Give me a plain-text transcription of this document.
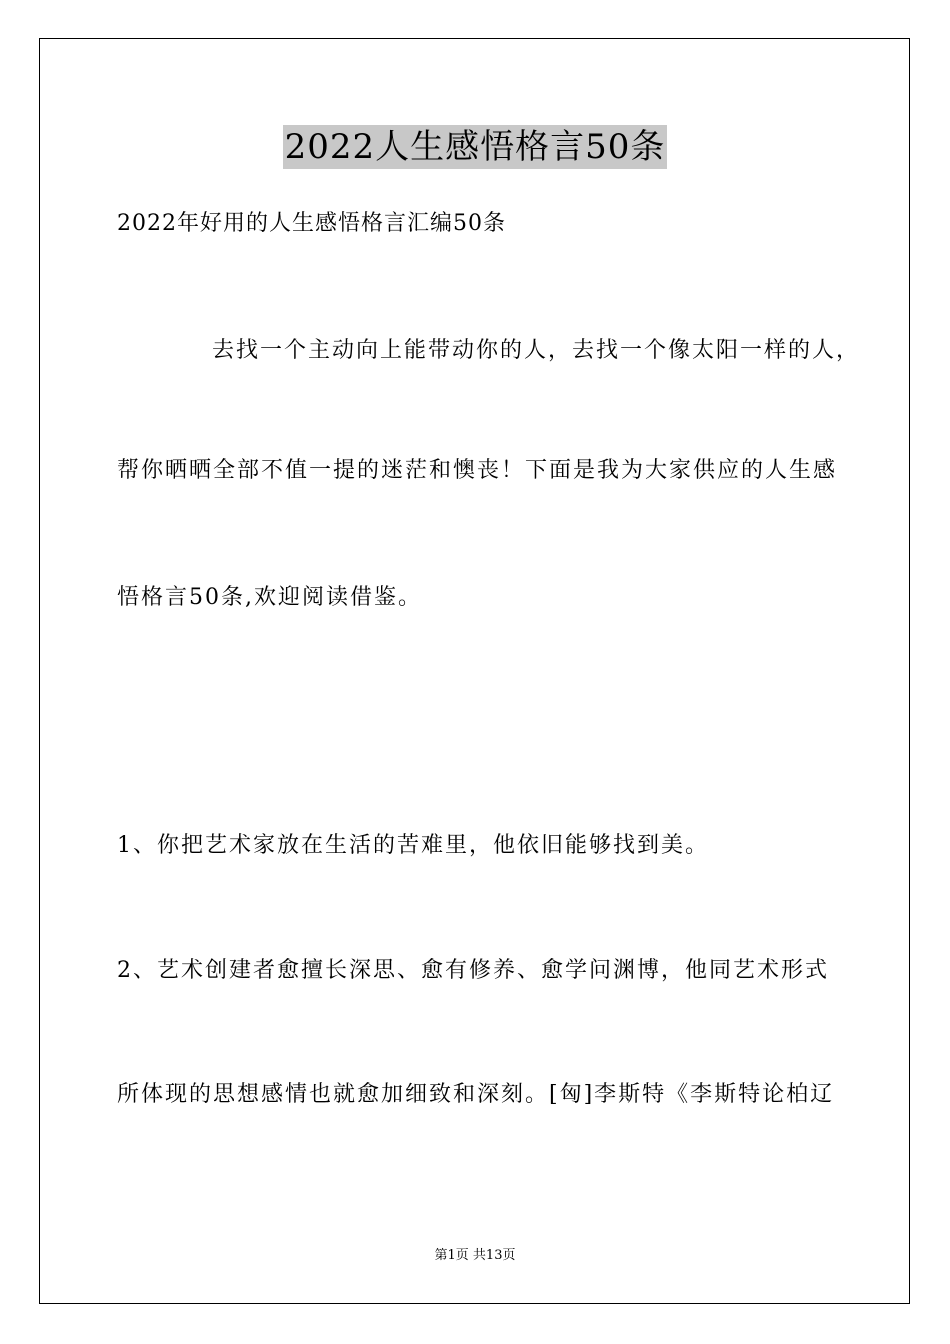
2022人生感悟格言50条
2022年好用的人生感悟格言汇编50条
去找一个主动向上能带动你的人，去找一个像太阳一样的人，
帮你晒晒全部不值一提的迷茫和懊丧！下面是我为大家供应的人生感
悟格言50条,欢迎阅读借鉴。
1、你把艺术家放在生活的苦难里，他依旧能够找到美。
2、艺术创建者愈擅长深思、愈有修养、愈学问渊博，他同艺术形式
所体现的思想感情也就愈加细致和深刻。[匈]李斯特《李斯特论柏辽
第1页 共13页
